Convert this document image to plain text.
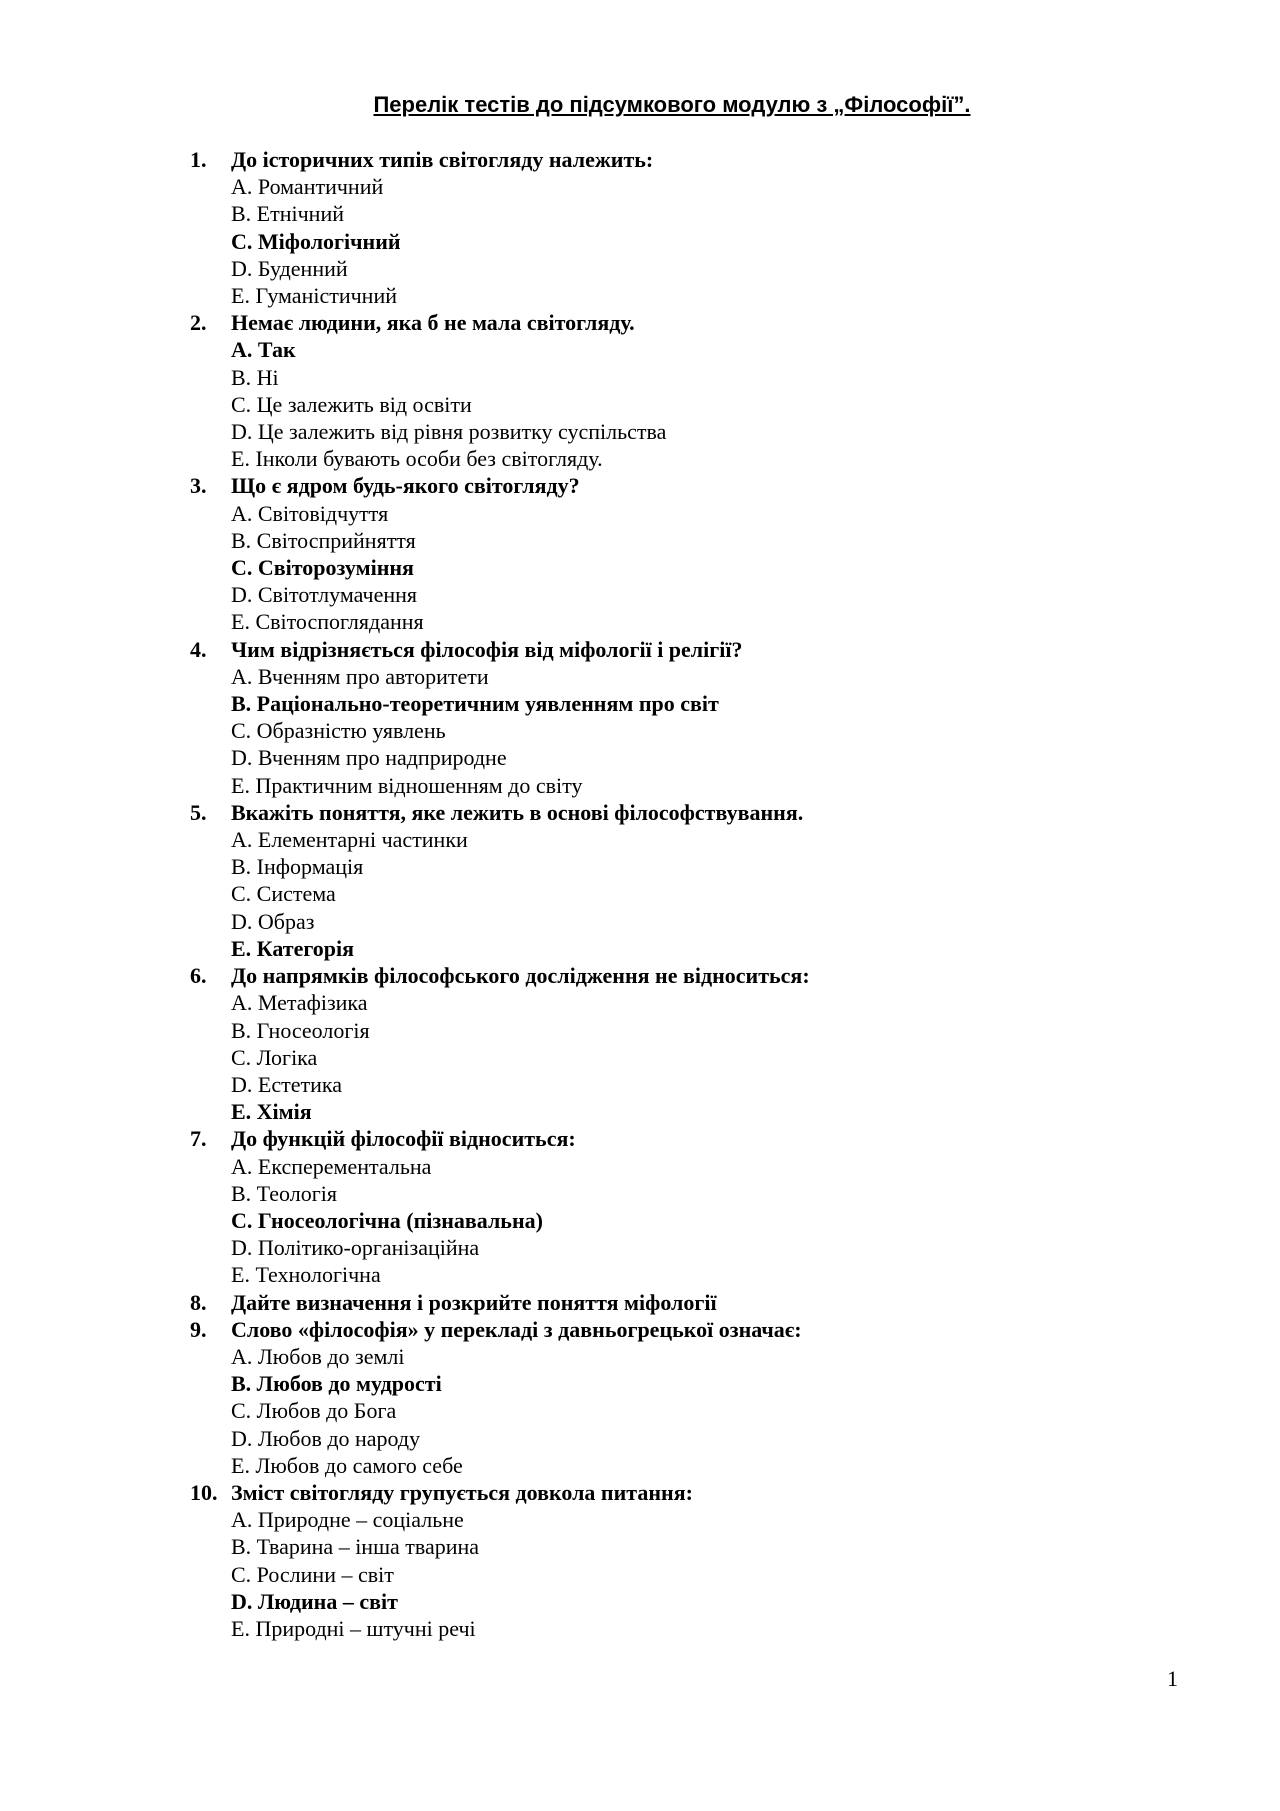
Перелік тестів до підсумкового модулю з „Філософії”.
1. До історичних типів світогляду належить:
A. Романтичний
B. Етнічний
C. Міфологічний
D. Буденний
E. Гуманістичний
2. Немає людини, яка б не мала світогляду.
A. Так
B. Ні
C. Це залежить від освіти
D. Це залежить від рівня розвитку суспільства
E. Інколи бувають особи без світогляду.
3. Що є ядром будь-якого світогляду?
A. Світовідчуття
B. Світосприйняття
C. Світорозуміння
D. Світотлумачення
E. Світоспоглядання
4. Чим відрізняється філософія від міфології і релігії?
A. Вченням про авторитети
B. Раціонально-теоретичним уявленням про світ
C. Образністю уявлень
D. Вченням про надприродне
E. Практичним відношенням до світу
5. Вкажіть поняття, яке лежить в основі філософствування.
A. Елементарні частинки
B. Інформація
C. Система
D. Образ
E. Категорія
6. До напрямків філософського дослідження не відноситься:
A. Метафізика
B. Гносеологія
C. Логіка
D. Естетика
E. Хімія
7. До функцій філософії відноситься:
A. Експерементальна
B. Теологія
C. Гносеологічна (пізнавальна)
D. Політико-організаційна
E. Технологічна
8. Дайте визначення і розкрийте поняття міфології
9. Слово «філософія» у перекладі з давньогрецької означає:
A. Любов до землі
B. Любов до мудрості
C. Любов до Бога
D. Любов до народу
E. Любов до самого себе
10. Зміст світогляду групується довкола питання:
A. Природне – соціальне
B. Тварина – інша тварина
C. Рослини – світ
D. Людина – світ
E. Природні – штучні речі
1
